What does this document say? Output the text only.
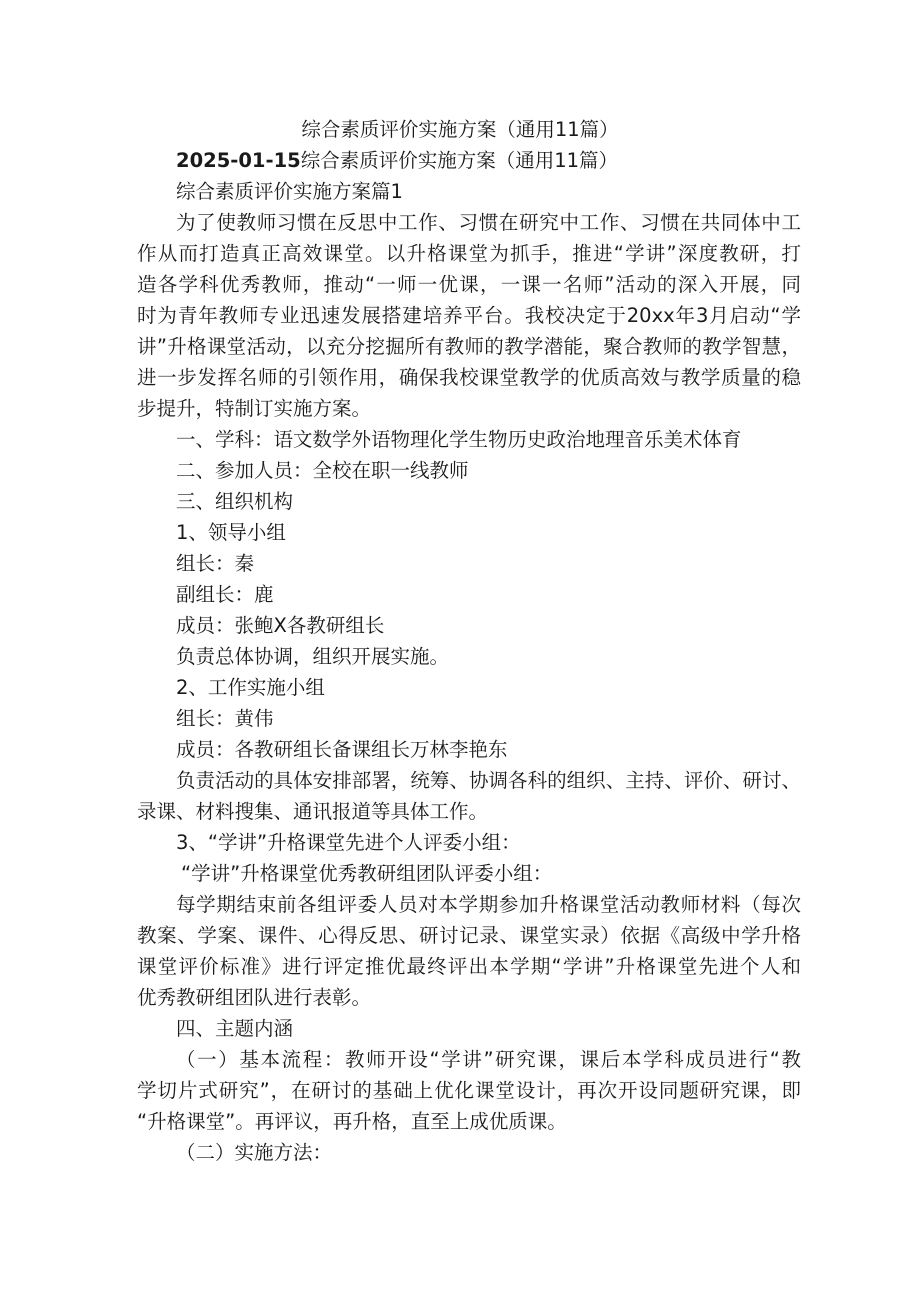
综合素质评价实施方案（通用11篇）
2025-01-15综合素质评价实施方案（通用11篇）
综合素质评价实施方案篇1
为了使教师习惯在反思中工作、习惯在研究中工作、习惯在共同体中工
作从而打造真正高效课堂。以升格课堂为抓手，推进“学讲”深度教研，打
造各学科优秀教师，推动“一师一优课，一课一名师”活动的深入开展，同
时为青年教师专业迅速发展搭建培养平台。我校决定于20xx年3月启动“学
讲”升格课堂活动，以充分挖掘所有教师的教学潜能，聚合教师的教学智慧，
进一步发挥名师的引领作用，确保我校课堂教学的优质高效与教学质量的稳
步提升，特制订实施方案。
一、学科：语文数学外语物理化学生物历史政治地理音乐美术体育
二、参加人员：全校在职一线教师
三、组织机构
1、领导小组
组长：秦
副组长：鹿
成员：张鲍X各教研组长
负责总体协调，组织开展实施。
2、工作实施小组
组长：黄伟
成员：各教研组长备课组长万林李艳东
负责活动的具体安排部署，统筹、协调各科的组织、主持、评价、研讨、
录课、材料搜集、通讯报道等具体工作。
3、“学讲”升格课堂先进个人评委小组：
“学讲”升格课堂优秀教研组团队评委小组：
每学期结束前各组评委人员对本学期参加升格课堂活动教师材料（每次
教案、学案、课件、心得反思、研讨记录、课堂实录）依据《高级中学升格
课堂评价标准》进行评定推优最终评出本学期“学讲”升格课堂先进个人和
优秀教研组团队进行表彰。
四、主题内涵
（一）基本流程：教师开设“学讲”研究课，课后本学科成员进行“教
学切片式研究”，在研讨的基础上优化课堂设计，再次开设同题研究课，即
“升格课堂”。再评议，再升格，直至上成优质课。
（二）实施方法：
